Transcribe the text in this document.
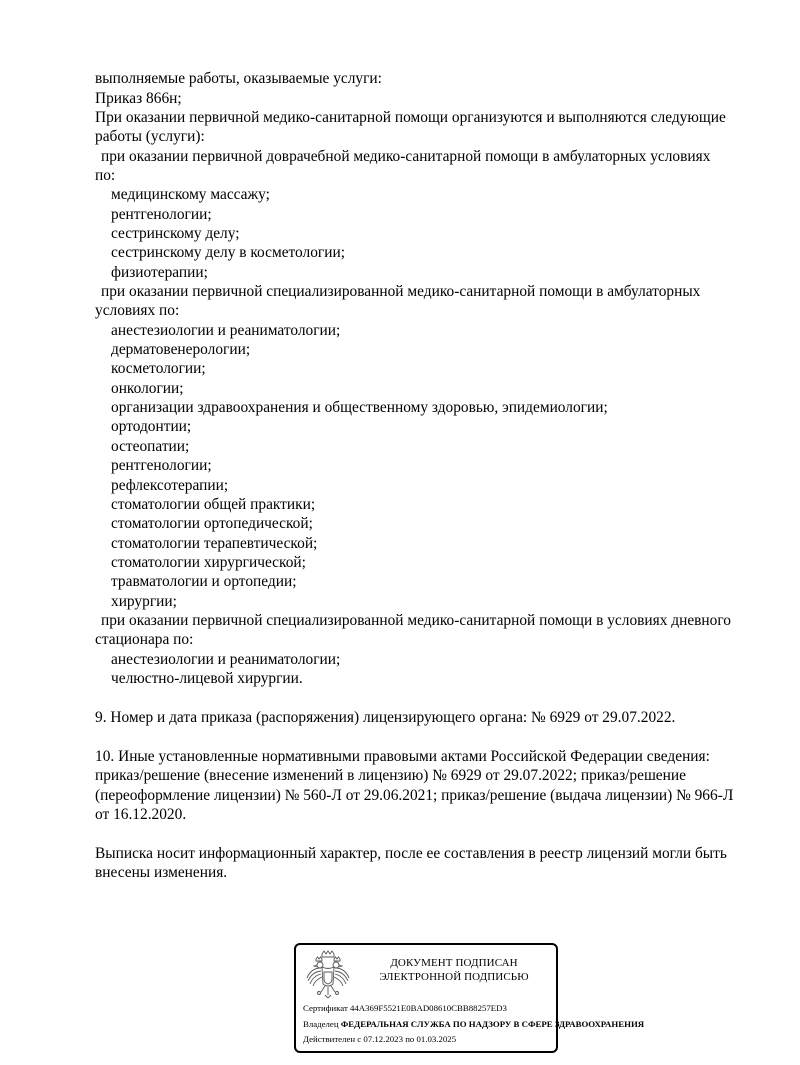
выполняемые работы, оказываемые услуги:
Приказ 866н;
При оказании первичной медико-санитарной помощи организуются и выполняются следующие
работы (услуги):
при оказании первичной доврачебной медико-санитарной помощи в амбулаторных условиях
по:
медицинскому массажу;
рентгенологии;
сестринскому делу;
сестринскому делу в косметологии;
физиотерапии;
при оказании первичной специализированной медико-санитарной помощи в амбулаторных
условиях по:
анестезиологии и реаниматологии;
дерматовенерологии;
косметологии;
онкологии;
организации здравоохранения и общественному здоровью, эпидемиологии;
ортодонтии;
остеопатии;
рентгенологии;
рефлексотерапии;
стоматологии общей практики;
стоматологии ортопедической;
стоматологии терапевтической;
стоматологии хирургической;
травматологии и ортопедии;
хирургии;
при оказании первичной специализированной медико-санитарной помощи в условиях дневного
стационара по:
анестезиологии и реаниматологии;
челюстно-лицевой хирургии.
9. Номер и дата приказа (распоряжения) лицензирующего органа: № 6929 от 29.07.2022.
10. Иные установленные нормативными правовыми актами Российской Федерации сведения:
приказ/решение (внесение изменений в лицензию) № 6929 от 29.07.2022; приказ/решение
(переоформление лицензии) № 560-Л от 29.06.2021; приказ/решение (выдача лицензии) № 966-Л
от 16.12.2020.
Выписка носит информационный характер, после ее составления в реестр лицензий могли быть
внесены изменения.
ДОКУМЕНТ ПОДПИСАН
ЭЛЕКТРОННОЙ ПОДПИСЬЮ
Сертификат 44A369F5521E0BAD08610CBB88257ED3
Владелец ФЕДЕРАЛЬНАЯ СЛУЖБА ПО НАДЗОРУ В СФЕРЕ ЗДРАВООХРАНЕНИЯ
Действителен с 07.12.2023 по 01.03.2025
